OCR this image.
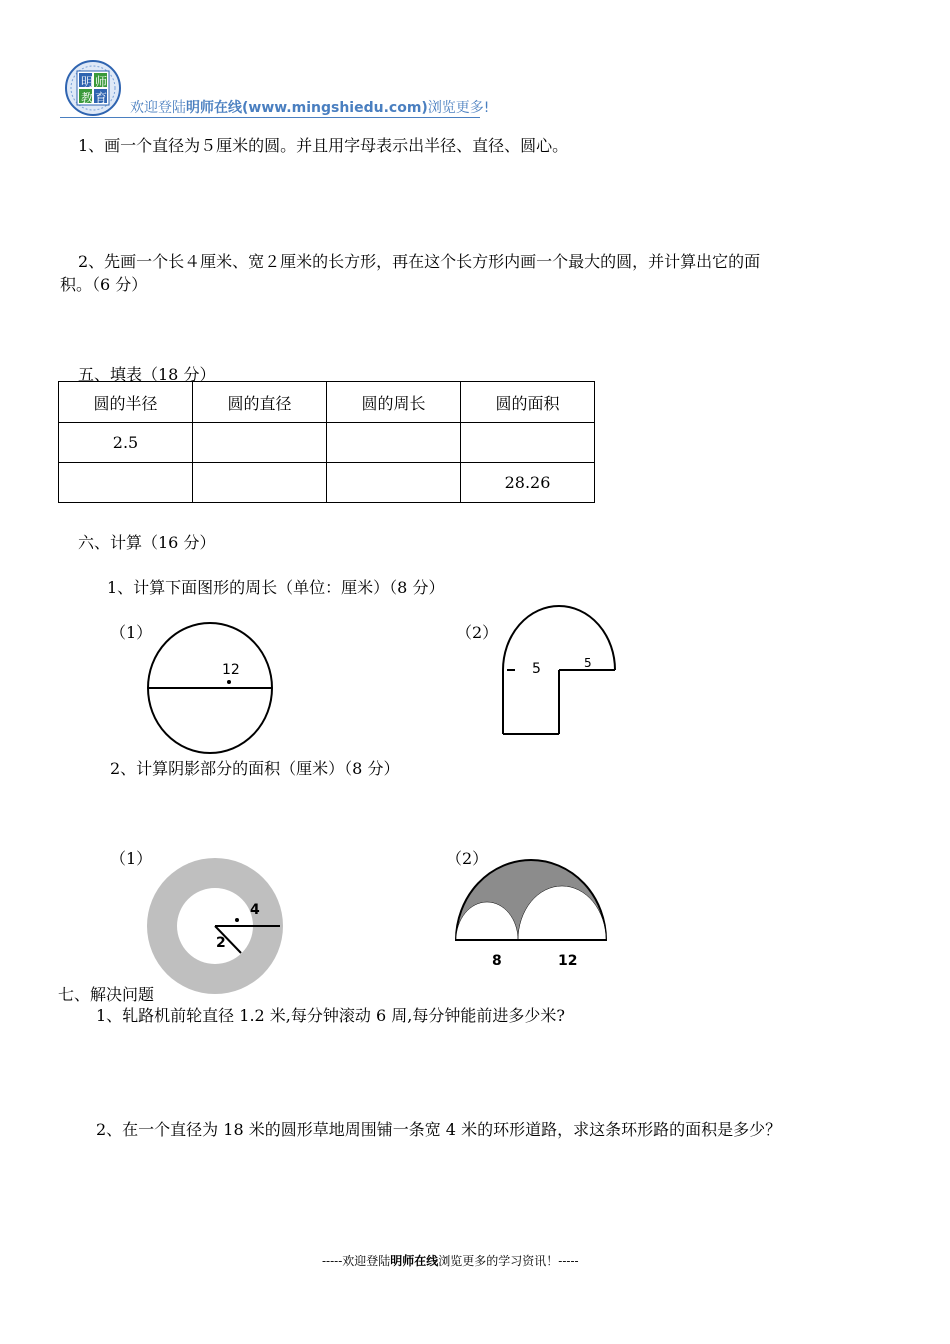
明师
教育
欢迎登陆明师在线(www.mingshiedu.com)浏览更多!
1、画一个直径为５厘米的圆。并且用字母表示出半径、直径、圆心。
2、先画一个长４厘米、宽２厘米的长方形，再在这个长方形内画一个最大的圆，并计算出它的面
积。（6 分）
五、填表（18 分）
圆的半径	圆的直径	圆的周长	圆的面积
2.5			
			28.26
六、计算（16 分）
1、计算下面图形的周长（单位：厘米）（8 分）
（1）
12
（2）
5	5
2、计算阴影部分的面积（厘米）（8 分）
（1）
4
2
（2）
8	12
七、解决问题
1、轧路机前轮直径 1.2 米,每分钟滚动 6 周,每分钟能前进多少米?
2、在一个直径为 18 米的圆形草地周围铺一条宽 4 米的环形道路，求这条环形路的面积是多少？
-----欢迎登陆明师在线浏览更多的学习资讯！-----
